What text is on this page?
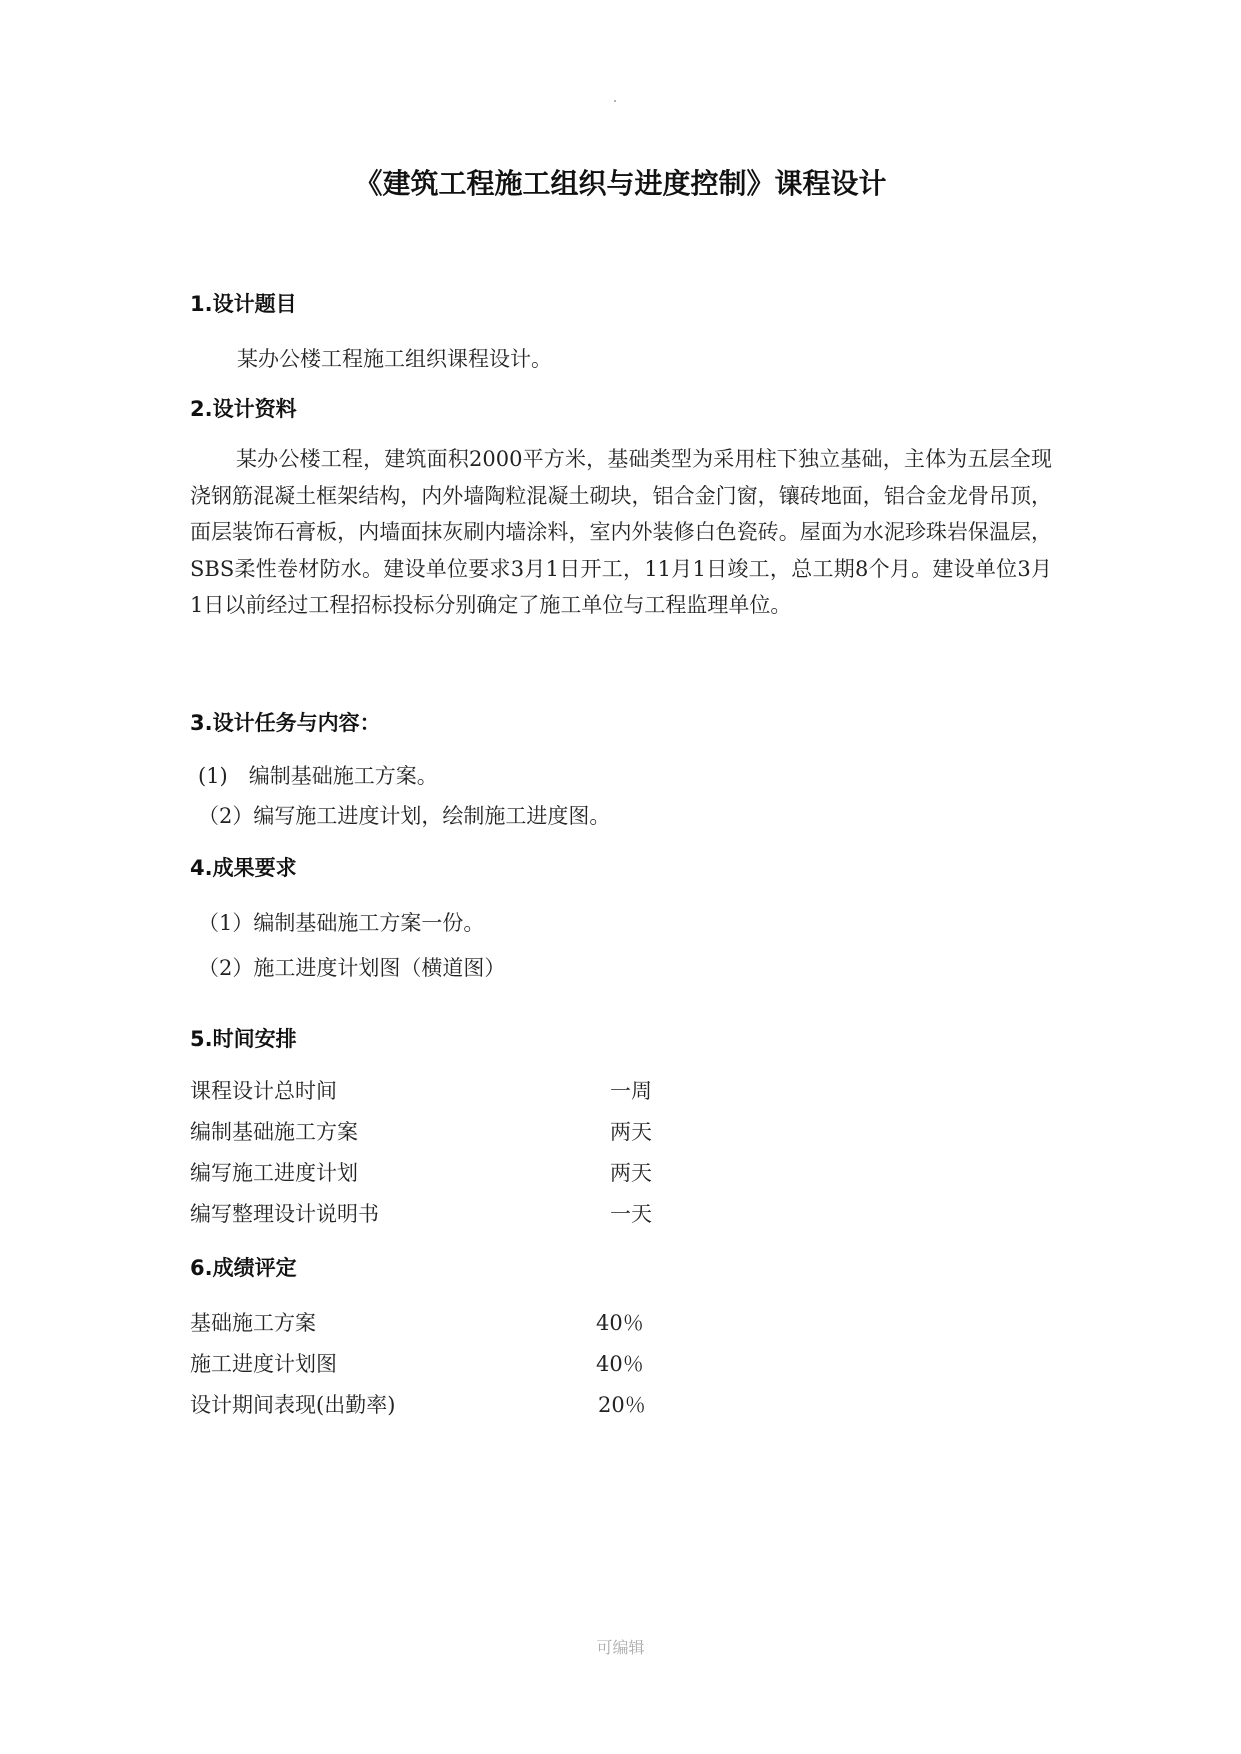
《建筑工程施工组织与进度控制》课程设计
1.设计题目
某办公楼工程施工组织课程设计。
2.设计资料
某办公楼工程，建筑面积2000平方米，基础类型为采用柱下独立基础，主体为五层全现浇钢筋混凝土框架结构，内外墙陶粒混凝土砌块，铝合金门窗，镶砖地面，铝合金龙骨吊顶，面层装饰石膏板，内墙面抹灰刷内墙涂料，室内外装修白色瓷砖。屋面为水泥珍珠岩保温层，SBS柔性卷材防水。建设单位要求3月1日开工，11月1日竣工，总工期8个月。建设单位3月1日以前经过工程招标投标分别确定了施工单位与工程监理单位。
3.设计任务与内容：
(1)　编制基础施工方案。
（2）编写施工进度计划，绘制施工进度图。
4.成果要求
（1）编制基础施工方案一份。
（2）施工进度计划图（横道图）
5.时间安排
课程设计总时间	一周
编制基础施工方案	两天
编写施工进度计划	两天
编写整理设计说明书	一天
6.成绩评定
基础施工方案	40％
施工进度计划图	40％
设计期间表现(出勤率)	20％
可编辑
